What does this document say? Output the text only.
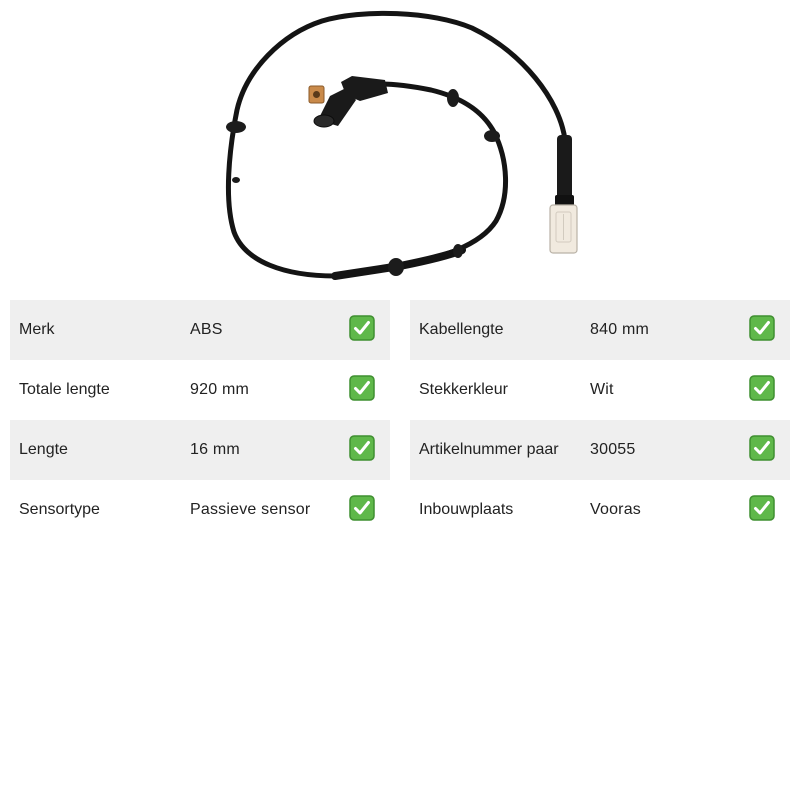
Merk	ABS
Totale lengte	920 mm
Lengte	16 mm
Sensortype	Passieve sensor
Kabellengte	840 mm
Stekkerkleur	Wit
Artikelnummer paar	30055
Inbouwplaats	Vooras
